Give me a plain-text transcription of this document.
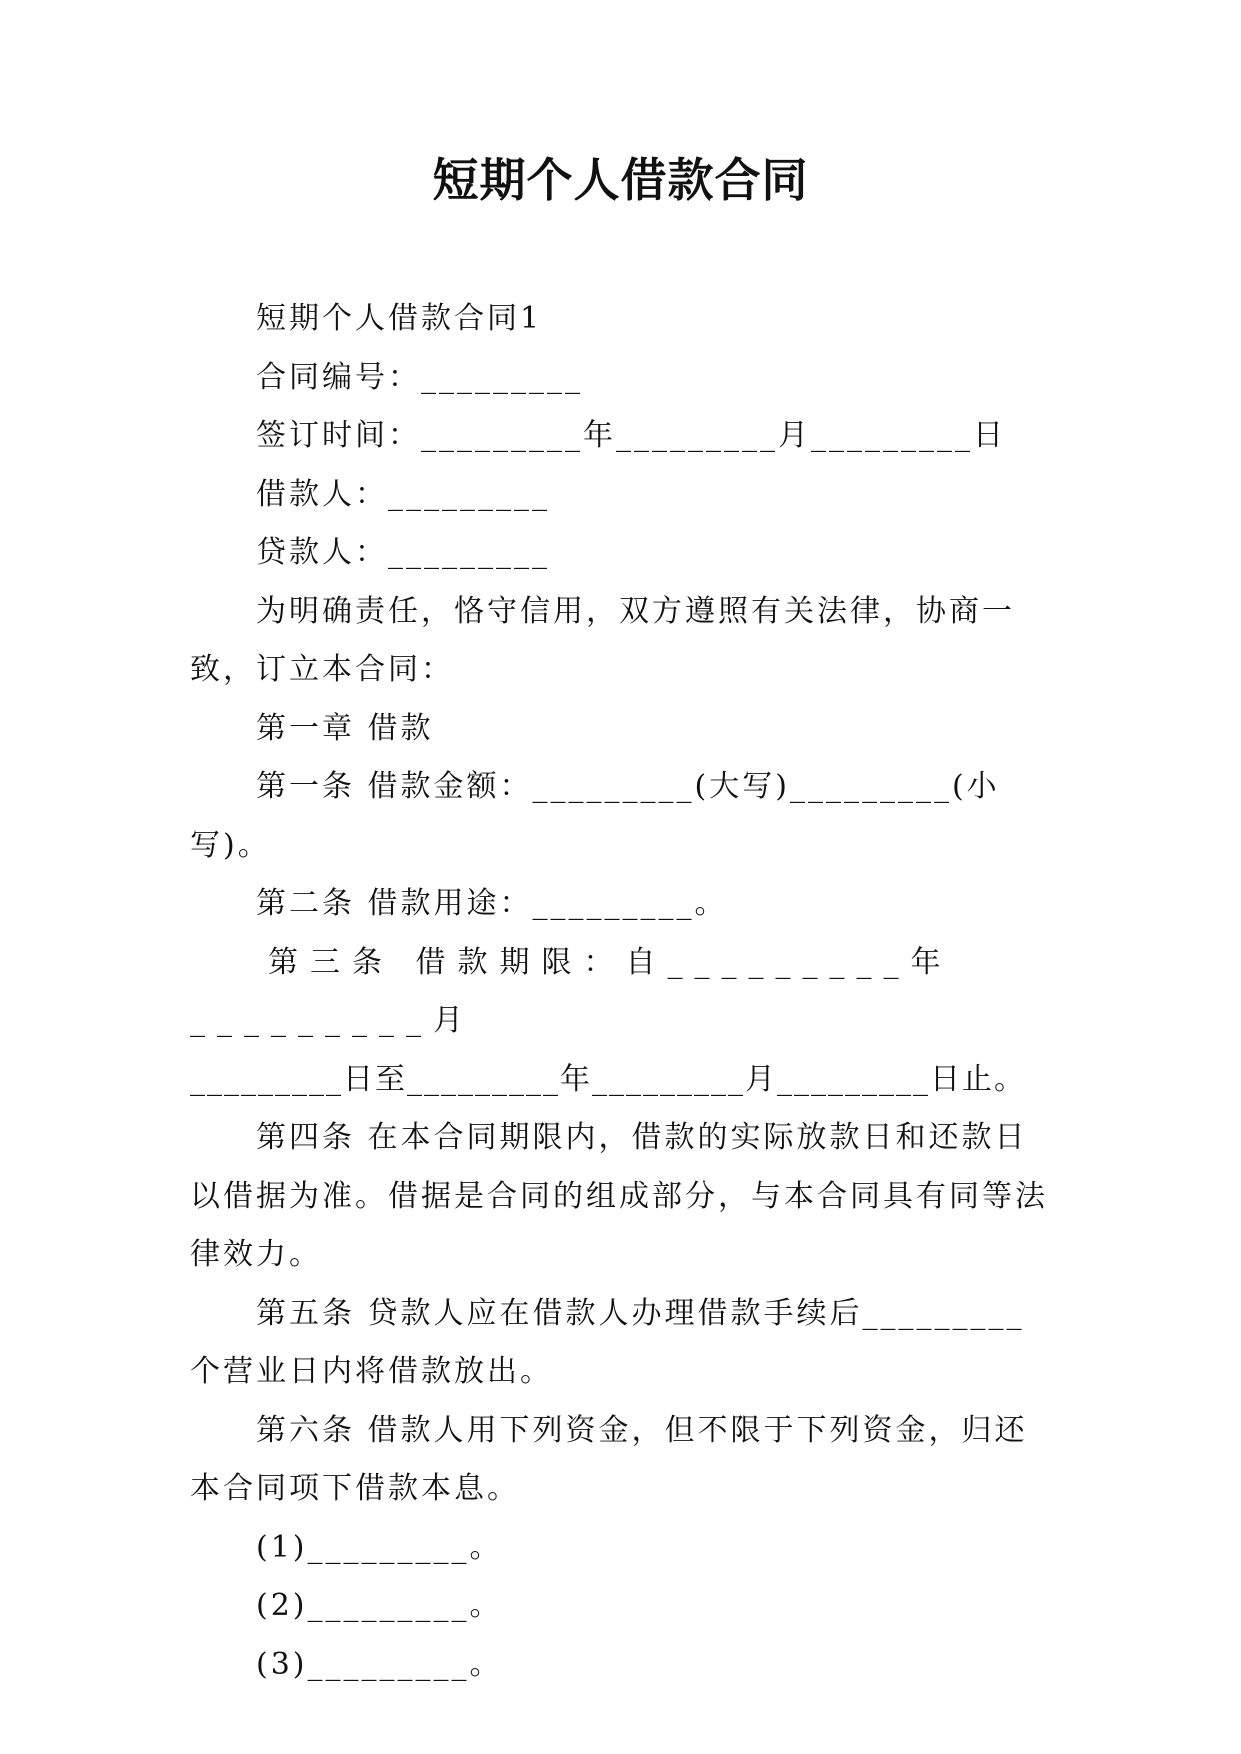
短期个人借款合同

短期个人借款合同1

合同编号：_________

签订时间：_________年_________月_________日

借款人：_________

贷款人：_________

为明确责任，恪守信用，双方遵照有关法律，协商一致，订立本合同：

第一章 借款

第一条 借款金额：_________(大写)_________(小写)。

第二条 借款用途：_________。

第三条 借款期限：自_________年_________月

_________日至_________年_________月_________日止。

第四条 在本合同期限内，借款的实际放款日和还款日以借据为准。借据是合同的组成部分，与本合同具有同等法律效力。

第五条 贷款人应在借款人办理借款手续后_________个营业日内将借款放出。

第六条 借款人用下列资金，但不限于下列资金，归还本合同项下借款本息。

(1)_________。

(2)_________。

(3)_________。
